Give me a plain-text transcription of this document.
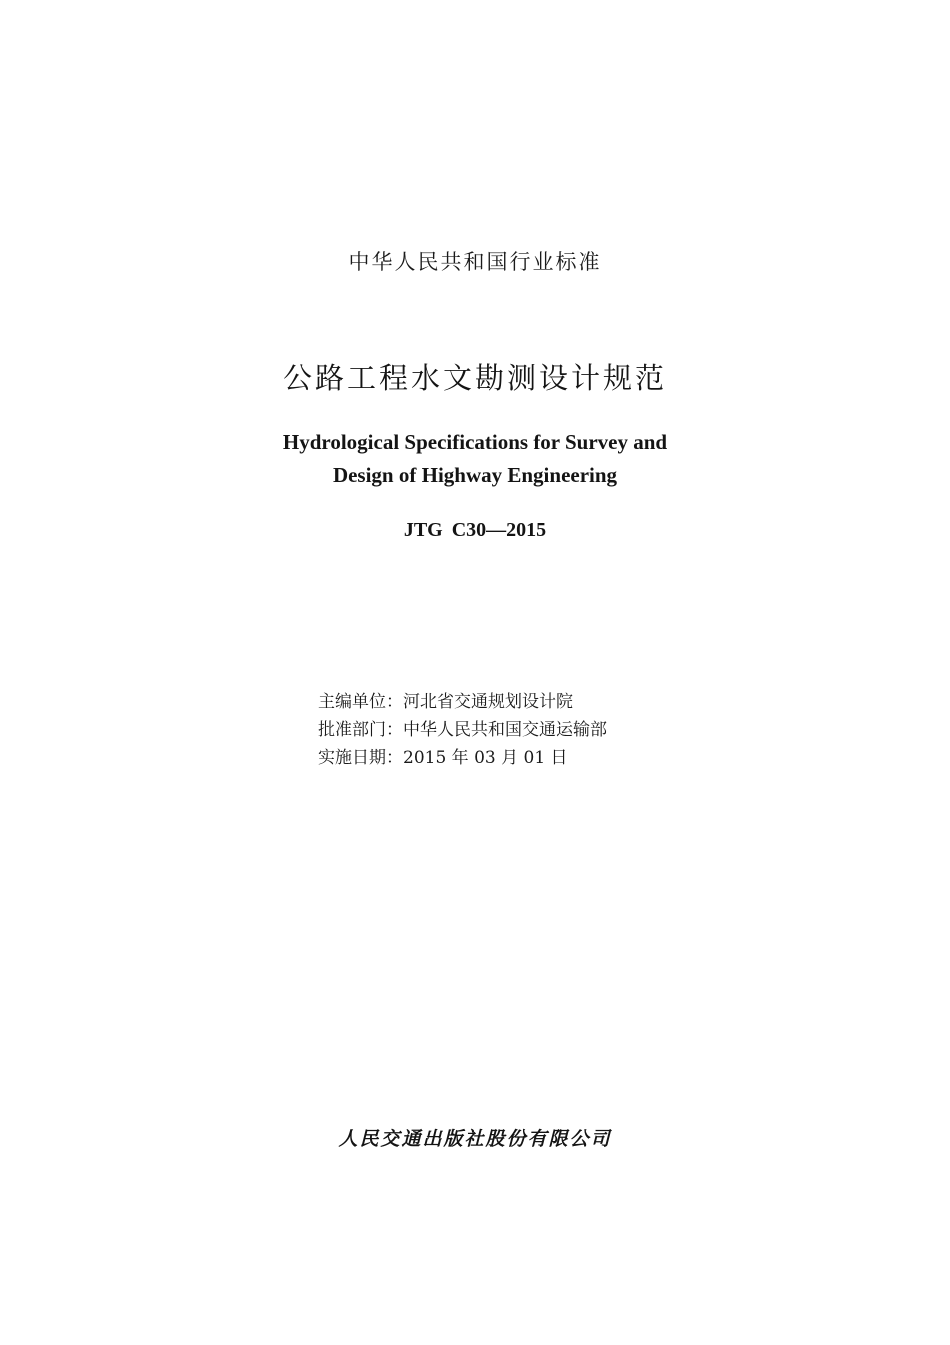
中华人民共和国行业标准
公路工程水文勘测设计规范
Hydrological Specifications for Survey and
Design of Highway Engineering
JTG C30—2015
主编单位：河北省交通规划设计院
批准部门：中华人民共和国交通运输部
实施日期：2015 年 03 月 01 日
人民交通出版社股份有限公司
